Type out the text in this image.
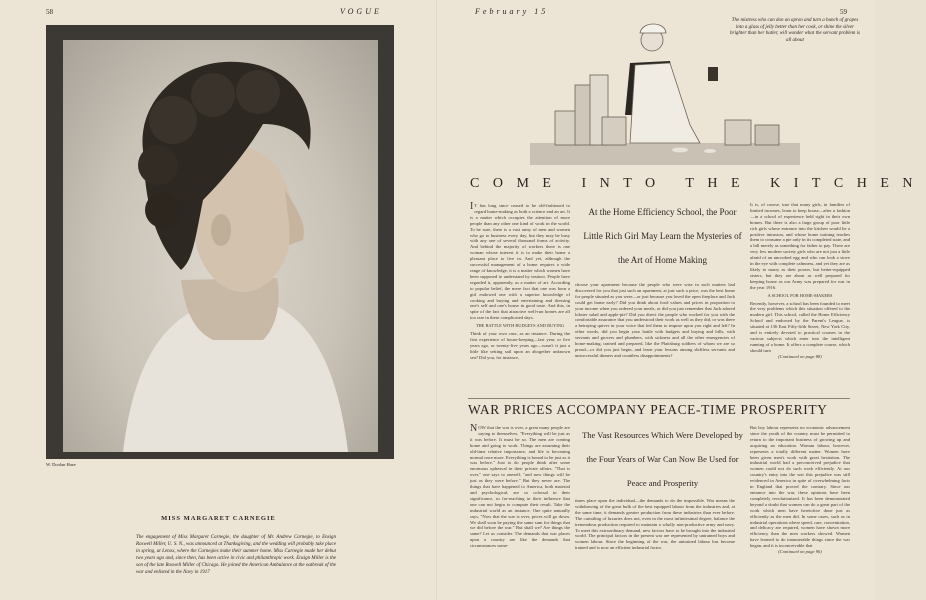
58	VOGUE
W. Doolan Haze
MISS MARGARET CARNEGIE
The engagement of Miss Margaret Carnegie, the daughter of Mr. Andrew Carnegie, to Ensign Roswell Miller, U. S. N., was announced at Thanksgiving, and the wedding will probably take place in spring, at Lenox, where the Carnegies make their summer home. Miss Carnegie made her debut two years ago and, since then, has been active in civic and philanthropic work. Ensign Miller is the son of the late Roswell Miller of Chicago. He joined the American Ambulance at the outbreak of the war and enlisted in the Navy in 1917
February 15	59
The mistress who can don an apron and turn a bunch of grapes into a glass of jelly better than her cook, or shine the silver brighter than her butler, will wonder what the servant problem is all about
COME INTO THE KITCHEN
At the Home Efficiency School, the Poor Little Rich Girl May Learn the Mysteries of the Art of Home Making
I T has long since ceased to be old-fashioned to regard home-making as both a science and an art. It is a matter which occupies the attention of more people than any other one kind of work in the world. To be sure, there is a vast army of men and women who go to business every day, but they may be busy with any one of several thousand forms of activity. And behind the majority of workers there is one woman whose interest it is to make their home a pleasant place to live in. And yet, although the successful management of a home requires a wide range of knowledge, it is a matter which women have been supposed to understand by instinct. People have regarded it, apparently, as a matter of art. According to popular belief, the mere fact that one was born a girl endowed one with a superior knowledge of cooking and buying and entertaining and dressing one's self and one's house in good taste. And this, in spite of the fact that attractive well-run homes are all too rare in these complicated days.
THE BATTLE WITH BUDGETS AND BUYING
Think of your own case, as an instance. During the first experience of house-keeping—last year, or five years ago, or twenty-five years ago—wasn't it just a little like setting sail upon an altogether unknown sea? Did you, for instance,
choose your apartment because the people who were wise in such matters had discovered for you that just such an apartment, at just such a price, was the best home for people situated as you were—or just because you loved the open fireplace and Jack could get home early? Did you think about food values and prices in proportion to your income when you ordered your meals, or did you just remember that Jack adored lobster salad and apple-pie? Did you direct the people who worked for you with the comfortable assurance that you understood their work as well as they did, or was there a betraying quiver in your voice that led them to impose upon you right and left? In other words, did you begin your battle with budgets and buying and bills, with servants and grocers and plumbers, with sickness and all the other emergencies of home-making, trained and prepared, like the Plattsburg soldiers of whom we are so proud—or did you just begin, and learn your lessons among shiftless servants and unsuccessful dinners and countless disappointments?
It is, of course, true that many girls, in families of limited incomes, learn to keep house—after a fashion—in a school of experience held right in their own homes. But there is also a large group of poor little rich girls whose entrance into the kitchen would be a positive intrusion, and whose home training teaches them to consume a pie only in its completed state, and a bill merely as something for father to pay. There are very few modern society girls who are not just a little afraid of an uncooked egg and who can look a stove in the eye with complete calmness, and yet they are as likely to marry as their poorer, but better-equipped sisters, but they are about as well prepared for keeping house as our Army was prepared for war in the year 1916.
A SCHOOL FOR HOME-MAKERS
Recently, however, a school has been founded to meet the very problems which this situation offered to the modern girl. This school, called the Home Efficiency School and endorsed by the Parent's League, is situated at 136 East Fifty-fifth Street, New York City, and is entirely devoted to practical courses in the various subjects which enter into the intelligent running of a home. It offers a complete course, which should turn
(Continued on page 88)
WAR PRICES ACCOMPANY PEACE-TIME PROSPERITY
The Vast Resources Which Were Developed by the Four Years of War Can Now Be Used for Peace and Prosperity
NOW that the war is over, a great many people are saying to themselves, "Everything will be just as it was before. It must be so. The men are coming home and going to work. Things are assuming their old-time relative importance, and life is becoming normal once more. Everything is bound to be just as it was before." Just to do people think after some enormous upheaval in their private affairs. "That is over," one says to oneself, "and now things will be just as they were before." But they never are. The things that have happened to America, both material and psychological, are so colossal in their significance, so far-reaching in their influence that one can not begin to compute their result. Take the industrial world as an instance. One quite naturally says, "Now that the war is over, prices will go down. We shall soon be paying the same sum for things that we did before the war." But shall we? Are things the same? Let us consider. The demands that war places upon a country are like the demands that circumstances some-
times place upon the individual—the demands to do the impossible. War means the withdrawing of the great bulk of the best equipped labour from the industries and, at the same time, it demands greater production from these industries than ever before. The curtailing of luxuries does not, even in the most infinitesimal degree, balance the tremendous production required to maintain a wholly non-productive army and navy. To meet this extraordinary demand, new factors have to be brought into the industrial world. The principal factors in the present war are represented by untrained boys and women labour. Since the beginning of the war, the untrained labour has become trained and is now an efficient industrial factor.
But boy labour represents no economic advancement since the youth of the country must be permitted to return to the important business of growing up and acquiring an education. Woman labour, however, represents a totally different matter. Women have been given men's work with great hesitation. The industrial world had a preconceived prejudice that women could not do such work efficiently. At our country's entry into the war this prejudice was still evidenced in America in spite of overwhelming facts in England that proved the contrary. Since our entrance into the war, these opinions have been completely revolutionized. It has been demonstrated beyond a doubt that women can do a great part of the work which men have heretofore done just as efficiently as the men did. In some cases, such as in industrial operations where speed, care, concentration, and delicacy are required, women have shown more efficiency than the men workers showed. Women have learned to do innumerable things since the war began, and it is inconceivable that
(Continued on page 96)
